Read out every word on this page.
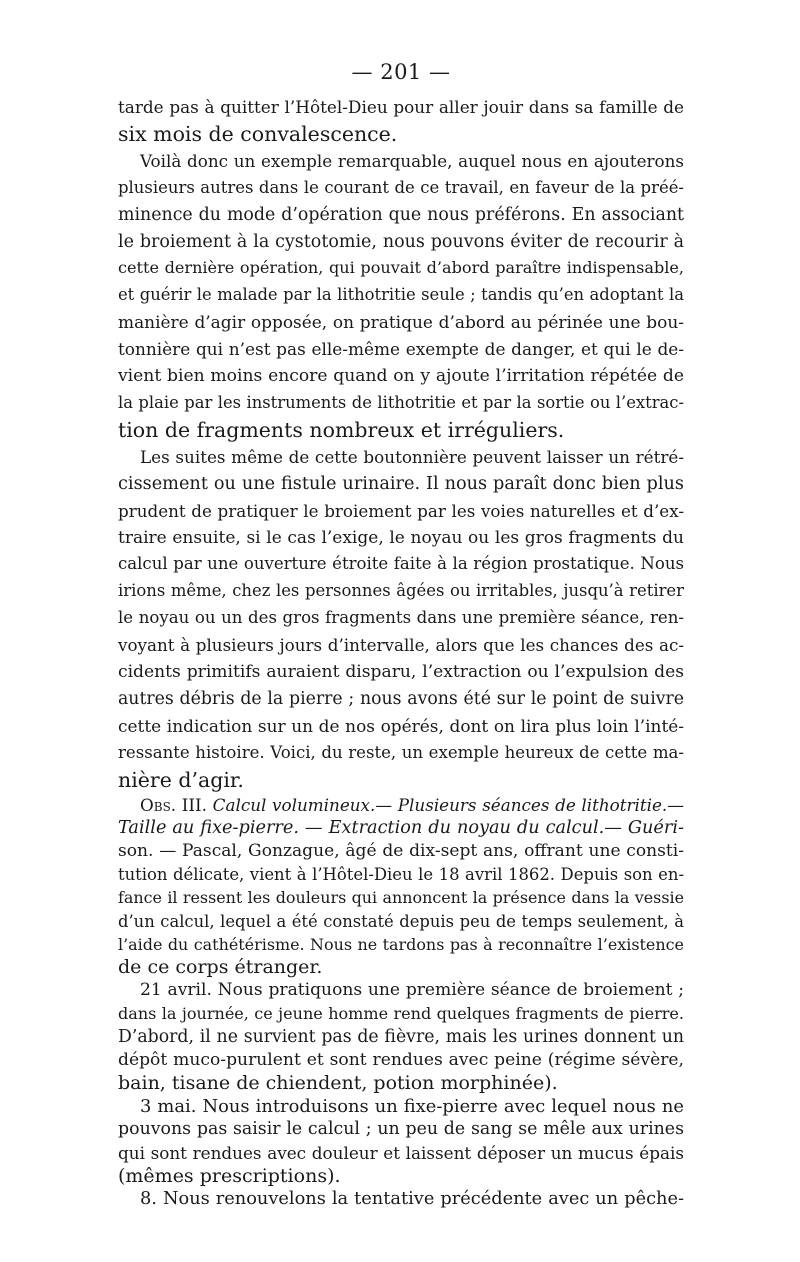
— 201 —

tarde pas à quitter l’Hôtel-Dieu pour aller jouir dans sa famille de
six mois de convalescence.

Voilà donc un exemple remarquable, auquel nous en ajouterons
plusieurs autres dans le courant de ce travail, en faveur de la préé-
minence du mode d’opération que nous préférons. En associant
le broiement à la cystotomie, nous pouvons éviter de recourir à
cette dernière opération, qui pouvait d’abord paraître indispensable,
et guérir le malade par la lithotritie seule ; tandis qu’en adoptant la
manière d’agir opposée, on pratique d’abord au périnée une bou-
tonnière qui n’est pas elle-même exempte de danger, et qui le de-
vient bien moins encore quand on y ajoute l’irritation répétée de
la plaie par les instruments de lithotritie et par la sortie ou l’extrac-
tion de fragments nombreux et irréguliers.

Les suites même de cette boutonnière peuvent laisser un rétré-
cissement ou une fistule urinaire. Il nous paraît donc bien plus
prudent de pratiquer le broiement par les voies naturelles et d’ex-
traire ensuite, si le cas l’exige, le noyau ou les gros fragments du
calcul par une ouverture étroite faite à la région prostatique. Nous
irions même, chez les personnes âgées ou irritables, jusqu’à retirer
le noyau ou un des gros fragments dans une première séance, ren-
voyant à plusieurs jours d’intervalle, alors que les chances des ac-
cidents primitifs auraient disparu, l’extraction ou l’expulsion des
autres débris de la pierre ; nous avons été sur le point de suivre
cette indication sur un de nos opérés, dont on lira plus loin l’inté-
ressante histoire. Voici, du reste, un exemple heureux de cette ma-
nière d’agir.

Obs. III. Calcul volumineux.— Plusieurs séances de lithotritie.—
Taille au fixe-pierre. — Extraction du noyau du calcul.— Guéri-
son. — Pascal, Gonzague, âgé de dix-sept ans, offrant une consti-
tution délicate, vient à l’Hôtel-Dieu le 18 avril 1862. Depuis son en-
fance il ressent les douleurs qui annoncent la présence dans la vessie
d’un calcul, lequel a été constaté depuis peu de temps seulement, à
l’aide du cathétérisme. Nous ne tardons pas à reconnaître l’existence
de ce corps étranger.

21 avril. Nous pratiquons une première séance de broiement ;
dans la journée, ce jeune homme rend quelques fragments de pierre.
D’abord, il ne survient pas de fièvre, mais les urines donnent un
dépôt muco-purulent et sont rendues avec peine (régime sévère,
bain, tisane de chiendent, potion morphinée).

3 mai. Nous introduisons un fixe-pierre avec lequel nous ne
pouvons pas saisir le calcul ; un peu de sang se mêle aux urines
qui sont rendues avec douleur et laissent déposer un mucus épais
(mêmes prescriptions).

8. Nous renouvelons la tentative précédente avec un pêche-
